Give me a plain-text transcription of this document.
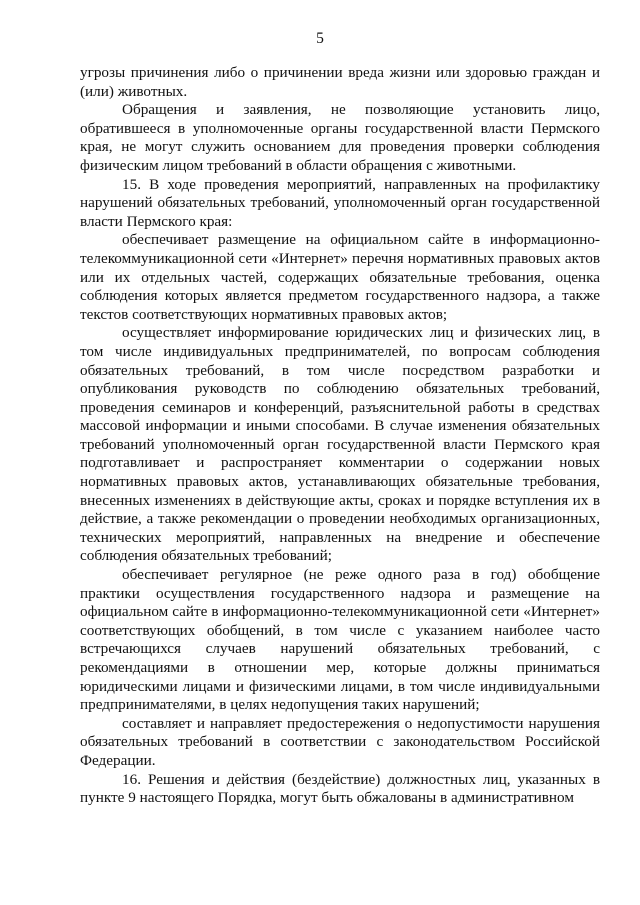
5

угрозы причинения либо о причинении вреда жизни или здоровью граждан и (или) животных.

Обращения и заявления, не позволяющие установить лицо, обратившееся в уполномоченные органы государственной власти Пермского края, не могут служить основанием для проведения проверки соблюдения физическим лицом требований в области обращения с животными.

15. В ходе проведения мероприятий, направленных на профилактику нарушений обязательных требований, уполномоченный орган государственной власти Пермского края:

обеспечивает размещение на официальном сайте в информационно-телекоммуникационной сети «Интернет» перечня нормативных правовых актов или их отдельных частей, содержащих обязательные требования, оценка соблюдения которых является предметом государственного надзора, а также текстов соответствующих нормативных правовых актов;

осуществляет информирование юридических лиц и физических лиц, в том числе индивидуальных предпринимателей, по вопросам соблюдения обязательных требований, в том числе посредством разработки и опубликования руководств по соблюдению обязательных требований, проведения семинаров и конференций, разъяснительной работы в средствах массовой информации и иными способами. В случае изменения обязательных требований уполномоченный орган государственной власти Пермского края подготавливает и распространяет комментарии о содержании новых нормативных правовых актов, устанавливающих обязательные требования, внесенных изменениях в действующие акты, сроках и порядке вступления их в действие, а также рекомендации о проведении необходимых организационных, технических мероприятий, направленных на внедрение и обеспечение соблюдения обязательных требований;

обеспечивает регулярное (не реже одного раза в год) обобщение практики осуществления государственного надзора и размещение на официальном сайте в информационно-телекоммуникационной сети «Интернет» соответствующих обобщений, в том числе с указанием наиболее часто встречающихся случаев нарушений обязательных требований, с рекомендациями в отношении мер, которые должны приниматься юридическими лицами и физическими лицами, в том числе индивидуальными предпринимателями, в целях недопущения таких нарушений;

составляет и направляет предостережения о недопустимости нарушения обязательных требований в соответствии с законодательством Российской Федерации.

16. Решения и действия (бездействие) должностных лиц, указанных в пункте 9 настоящего Порядка, могут быть обжалованы в административном
